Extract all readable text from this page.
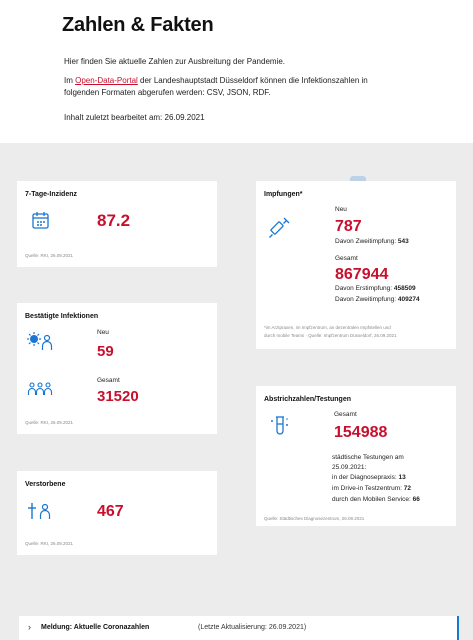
Zahlen & Fakten
Hier finden Sie aktuelle Zahlen zur Ausbreitung der Pandemie.
Im Open-Data-Portal der Landeshauptstadt Düsseldorf können die Infektionszahlen in
folgenden Formaten abgerufen werden: CSV, JSON, RDF.
Inhalt zuletzt bearbeitet am: 26.09.2021
7-Tage-Inzidenz
87.2
Quelle: RKI, 26.09.2021
Bestätigte Infektionen
Neu
59
Gesamt
31520
Quelle: RKI, 26.09.2021
Verstorbene
467
Quelle: RKI, 26.09.2021
Impfungen*
Neu
787
Davon Zweitimpfung: 543
Gesamt
867944
Davon Erstimpfung: 458509
Davon Zweitimpfung: 409274
*im Arztpraxen, im Impfzentrum, an dezentralen Impfstellen und
durch mobile Teams · Quelle: Impfzentrum Düsseldorf, 26.09.2021
Abstrichzahlen/Testungen
Gesamt
154988
städtische Testungen am
25.09.2021:
in der Diagnosepraxis: 13
im Drive-in Testzentrum: 72
durch den Mobilen Service: 66
Quelle: Städtisches Diagnosezentrum, 26.09.2021
› Meldung: Aktuelle Coronazahlen	(Letzte Aktualisierung: 26.09.2021)
